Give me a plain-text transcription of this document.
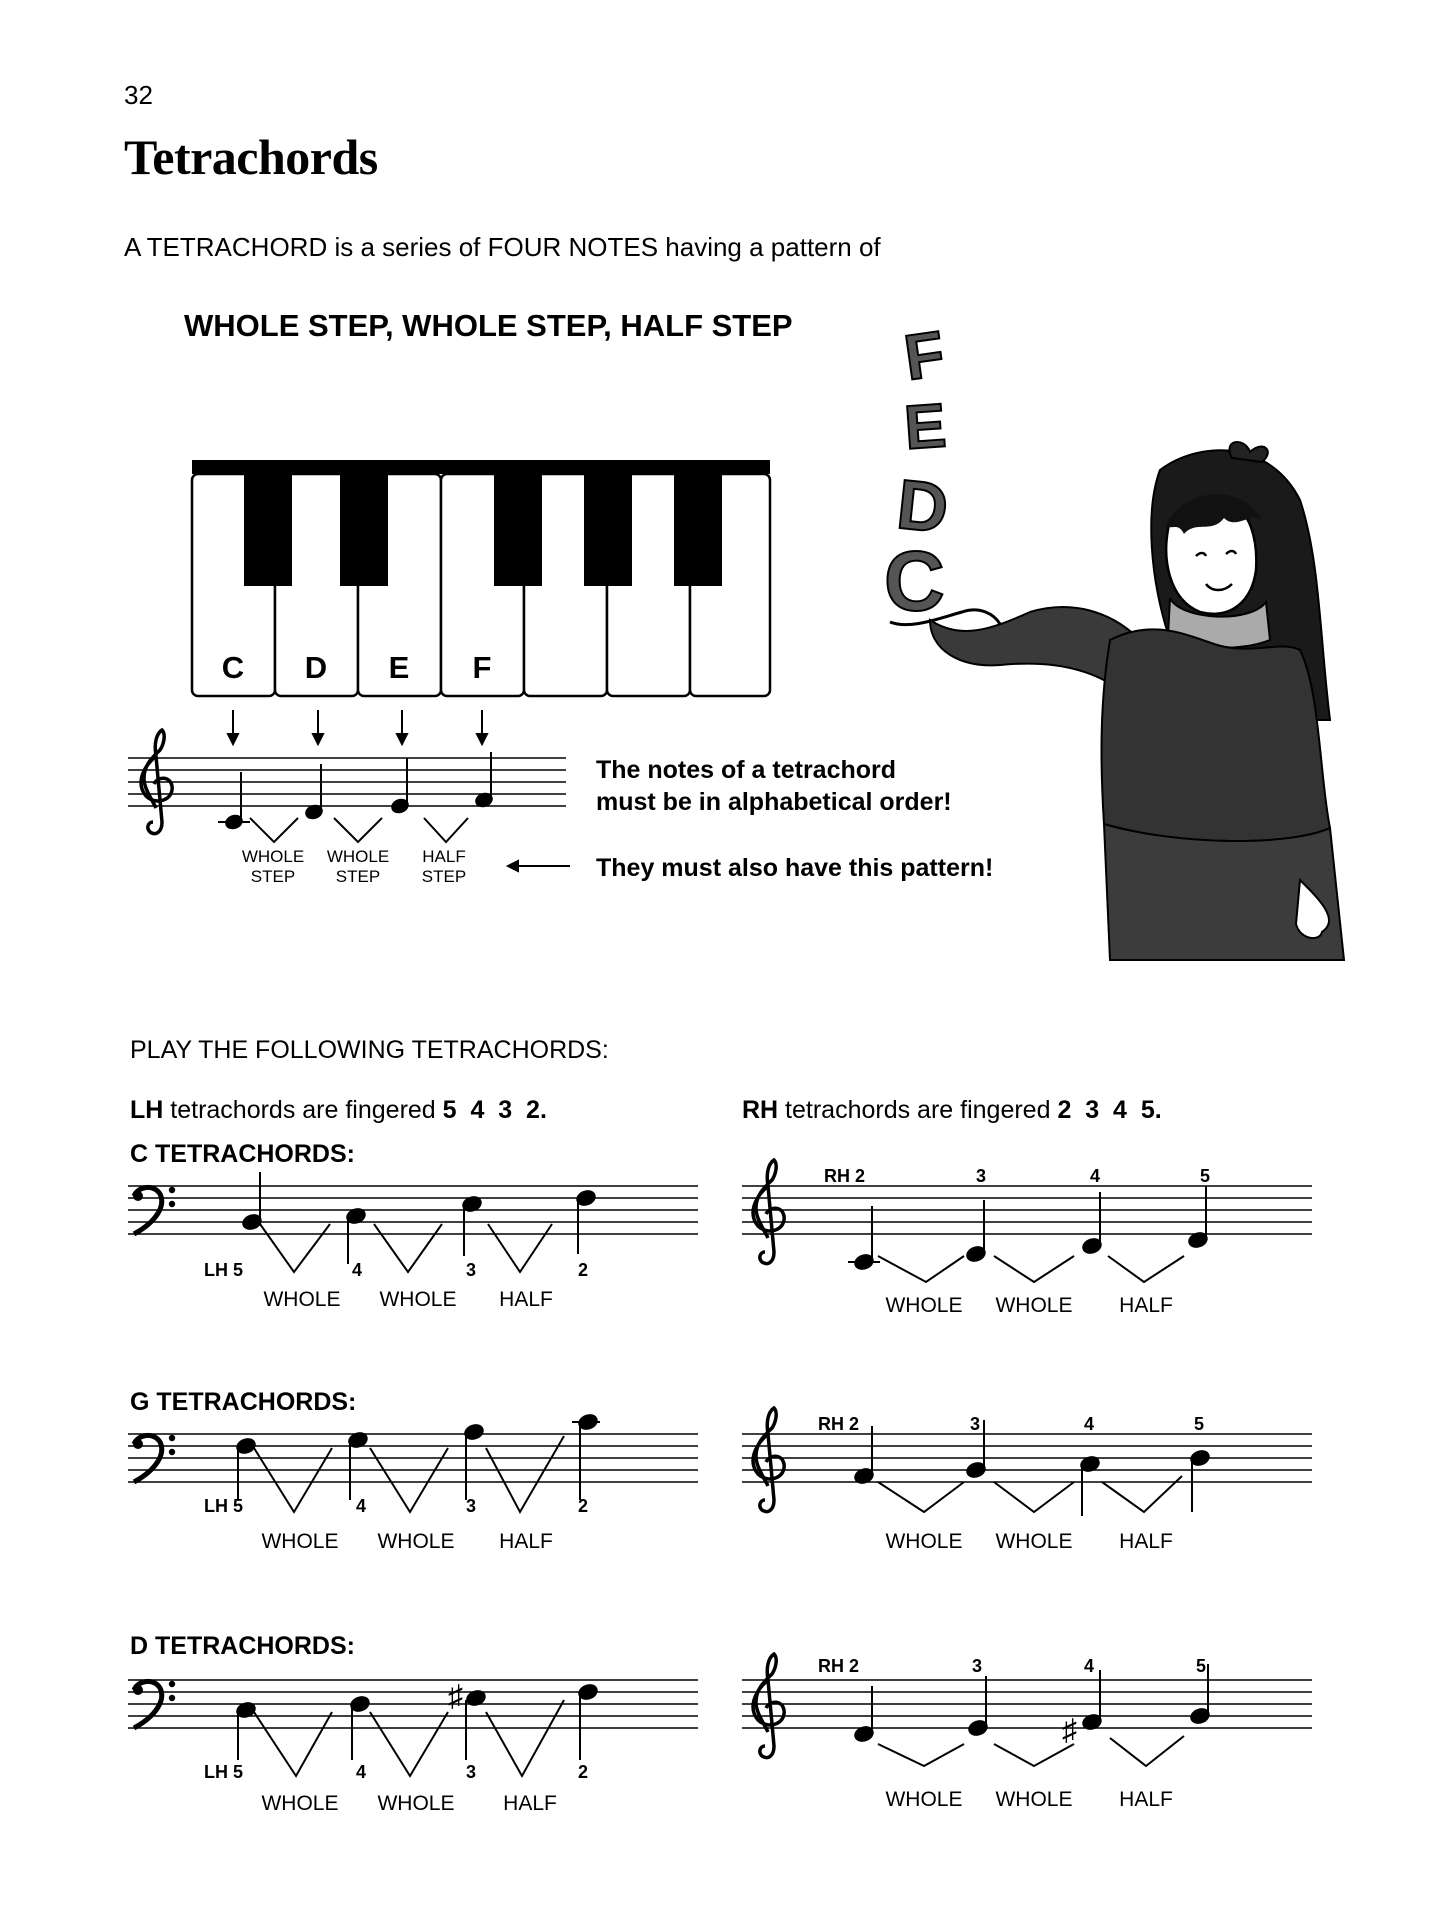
32
Tetrachords
A TETRACHORD is a series of FOUR NOTES having a pattern of
WHOLE STEP, WHOLE STEP, HALF STEP
C D E F
WHOLE
STEP
WHOLE
STEP
HALF
STEP
F
E
D
C
The notes of a tetrachord
must be in alphabetical order!
They must also have this pattern!
PLAY THE FOLLOWING TETRACHORDS:
LH tetrachords are fingered 5  4  3  2.	RH tetrachords are fingered 2  3  4  5.
C TETRACHORDS:
G TETRACHORDS:
D TETRACHORDS:
LH 5	4	3	2
WHOLE WHOLE HALF
RH 2	3	4	5
WHOLE WHOLE HALF
LH 5	4	3	2
WHOLE WHOLE HALF
RH 2	3	4	5
WHOLE WHOLE HALF
♯
LH 5	4	3	2
WHOLE WHOLE HALF
♯
RH 2	3	4	5
WHOLE WHOLE HALF
